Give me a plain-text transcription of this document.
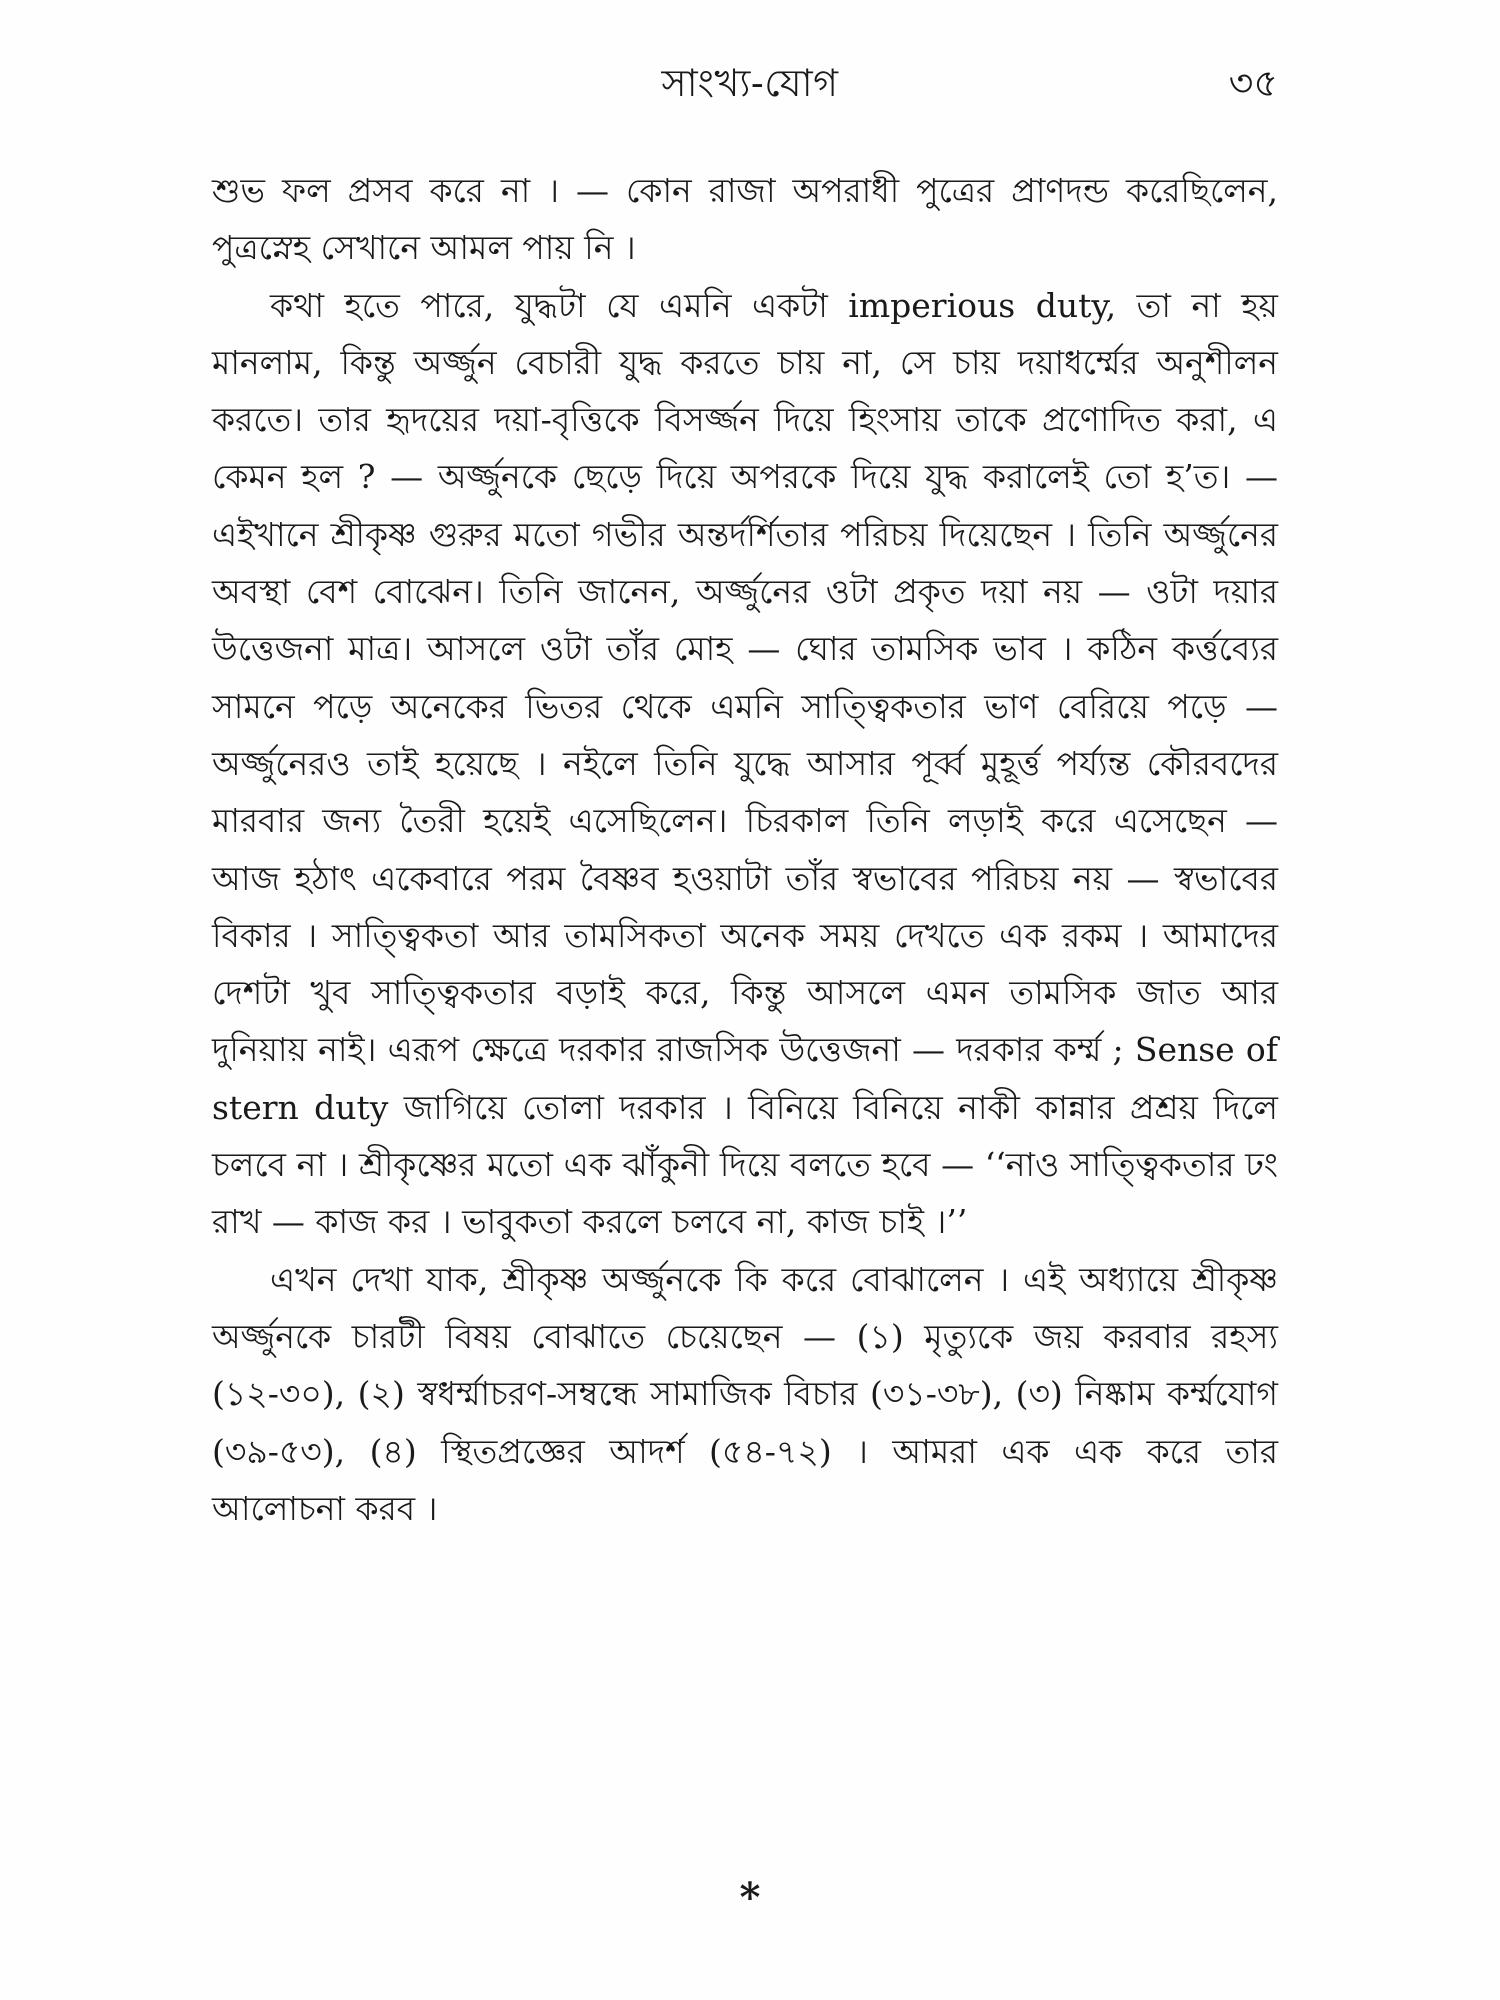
সাংখ্য-যোগ	৩৫

শুভ ফল প্রসব করে না । — কোন রাজা অপরাধী পুত্রের প্রাণদন্ড করেছিলেন, পুত্রস্নেহ সেখানে আমল পায় নি ।

কথা হতে পারে, যুদ্ধটা যে এমনি একটা imperious duty, তা না হয় মানলাম, কিন্তু অর্জ্জুন বেচারী যুদ্ধ করতে চায় না, সে চায় দয়াধর্ম্মের অনুশীলন করতে। তার হৃদয়ের দয়া-বৃত্তিকে বিসর্জ্জন দিয়ে হিংসায় তাকে প্রণোদিত করা, এ কেমন হল ? — অর্জ্জুনকে ছেড়ে দিয়ে অপরকে দিয়ে যুদ্ধ করালেই তো হ’ত। — এইখানে শ্রীকৃষ্ণ গুরুর মতো গভীর অন্তর্দর্শিতার পরিচয় দিয়েছেন । তিনি অর্জ্জুনের অবস্থা বেশ বোঝেন। তিনি জানেন, অর্জ্জুনের ওটা প্রকৃত দয়া নয় — ওটা দয়ার উত্তেজনা মাত্র। আসলে ওটা তাঁর মোহ — ঘোর তামসিক ভাব । কঠিন কর্ত্তব্যের সামনে পড়ে অনেকের ভিতর থেকে এমনি সাত্ত্বিকতার ভাণ বেরিয়ে পড়ে — অর্জ্জুনেরও তাই হয়েছে । নইলে তিনি যুদ্ধে আসার পূর্ব্ব মুহূর্ত্ত পর্য্যন্ত কৌরবদের মারবার জন্য তৈরী হয়েই এসেছিলেন। চিরকাল তিনি লড়াই করে এসেছেন — আজ হঠাৎ একেবারে পরম বৈষ্ণব হওয়াটা তাঁর স্বভাবের পরিচয় নয় — স্বভাবের বিকার । সাত্ত্বিকতা আর তামসিকতা অনেক সময় দেখতে এক রকম । আমাদের দেশটা খুব সাত্ত্বিকতার বড়াই করে, কিন্তু আসলে এমন তামসিক জাত আর দুনিয়ায় নাই। এরূপ ক্ষেত্রে দরকার রাজসিক উত্তেজনা — দরকার কর্ম্ম ; Sense of stern duty জাগিয়ে তোলা দরকার । বিনিয়ে বিনিয়ে নাকী কান্নার প্রশ্রয় দিলে চলবে না । শ্রীকৃষ্ণের মতো এক ঝাঁকুনী দিয়ে বলতে হবে — ‘‘নাও সাত্ত্বিকতার ঢং রাখ — কাজ কর । ভাবুকতা করলে চলবে না, কাজ চাই ।’’

এখন দেখা যাক, শ্রীকৃষ্ণ অর্জ্জুনকে কি করে বোঝালেন । এই অধ্যায়ে শ্রীকৃষ্ণ অর্জ্জুনকে চারটী বিষয় বোঝাতে চেয়েছেন — (১) মৃত্যুকে জয় করবার রহস্য (১২-৩০), (২) স্বধর্ম্মাচরণ-সম্বন্ধে সামাজিক বিচার (৩১-৩৮), (৩) নিষ্কাম কর্ম্মযোগ (৩৯-৫৩), (৪) স্থিতপ্রজ্ঞের আদর্শ (৫৪-৭২) । আমরা এক এক করে তার আলোচনা করব ।

*
